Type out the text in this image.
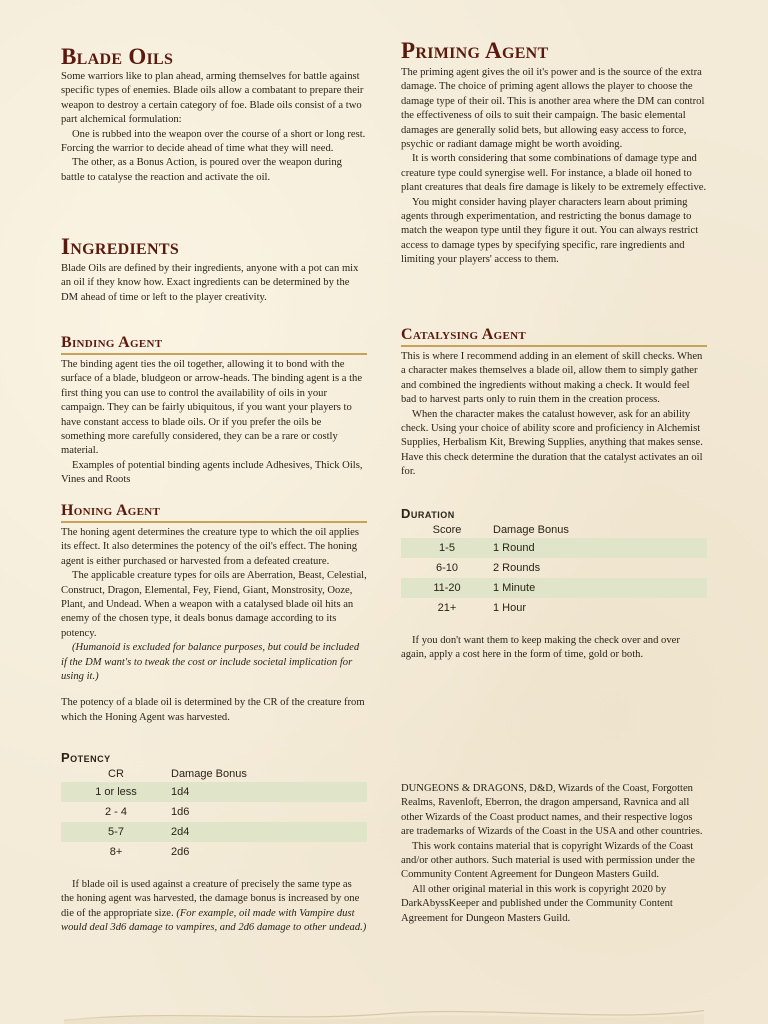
Blade Oils

Some warriors like to plan ahead, arming themselves for battle against specific types of enemies. Blade oils allow a combatant to prepare their weapon to destroy a certain category of foe. Blade oils consist of a two part alchemical formulation:

One is rubbed into the weapon over the course of a short or long rest. Forcing the warrior to decide ahead of time what they will need.

The other, as a Bonus Action, is poured over the weapon during battle to catalyse the reaction and activate the oil.

Ingredients

Blade Oils are defined by their ingredients, anyone with a pot can mix an oil if they know how. Exact ingredients can be determined by the DM ahead of time or left to the player creativity.

Binding Agent

The binding agent ties the oil together, allowing it to bond with the surface of a blade, bludgeon or arrow-heads. The binding agent is a the first thing you can use to control the availability of oils in your campaign. They can be fairly ubiquitous, if you want your players to have constant access to blade oils. Or if you prefer the oils be something more carefully considered, they can be a rare or costly material.

Examples of potential binding agents include Adhesives, Thick Oils, Vines and Roots

Honing Agent

The honing agent determines the creature type to which the oil applies its effect. It also determines the potency of the oil's effect. The honing agent is either purchased or harvested from a defeated creature.

The applicable creature types for oils are Aberration, Beast, Celestial, Construct, Dragon, Elemental, Fey, Fiend, Giant, Monstrosity, Ooze, Plant, and Undead. When a weapon with a catalysed blade oil hits an enemy of the chosen type, it deals bonus damage according to its potency.

(Humanoid is excluded for balance purposes, but could be included if the DM want's to tweak the cost or include societal implication for using it.)

The potency of a blade oil is determined by the CR of the creature from which the Honing Agent was harvested.

Potency
CR	Damage Bonus
1 or less	1d4
2 - 4	1d6
5-7	2d4
8+	2d6

If blade oil is used against a creature of precisely the same type as the honing agent was harvested, the damage bonus is increased by one die of the appropriate size. (For example, oil made with Vampire dust would deal 3d6 damage to vampires, and 2d6 damage to other undead.)

Priming Agent

The priming agent gives the oil it's power and is the source of the extra damage. The choice of priming agent allows the player to choose the damage type of their oil. This is another area where the DM can control the effectiveness of oils to suit their campaign. The basic elemental damages are generally solid bets, but allowing easy access to force, psychic or radiant damage might be worth avoiding.

It is worth considering that some combinations of damage type and creature type could synergise well. For instance, a blade oil honed to plant creatures that deals fire damage is likely to be extremely effective.

You might consider having player characters learn about priming agents through experimentation, and restricting the bonus damage to match the weapon type until they figure it out. You can always restrict access to damage types by specifying specific, rare ingredients and limiting your players' access to them.

Catalysing Agent

This is where I recommend adding in an element of skill checks. When a character makes themselves a blade oil, allow them to simply gather and combined the ingredients without making a check. It would feel bad to harvest parts only to ruin them in the creation process.

When the character makes the catalust however, ask for an ability check. Using your choice of ability score and proficiency in Alchemist Supplies, Herbalism Kit, Brewing Supplies, anything that makes sense. Have this check determine the duration that the catalyst activates an oil for.

Duration
Score	Damage Bonus
1-5	1 Round
6-10	2 Rounds
11-20	1 Minute
21+	1 Hour

If you don't want them to keep making the check over and over again, apply a cost here in the form of time, gold or both.

DUNGEONS & DRAGONS, D&D, Wizards of the Coast, Forgotten Realms, Ravenloft, Eberron, the dragon ampersand, Ravnica and all other Wizards of the Coast product names, and their respective logos are trademarks of Wizards of the Coast in the USA and other countries.

This work contains material that is copyright Wizards of the Coast and/or other authors. Such material is used with permission under the Community Content Agreement for Dungeon Masters Guild.

All other original material in this work is copyright 2020 by DarkAbyssKeeper and published under the Community Content Agreement for Dungeon Masters Guild.
